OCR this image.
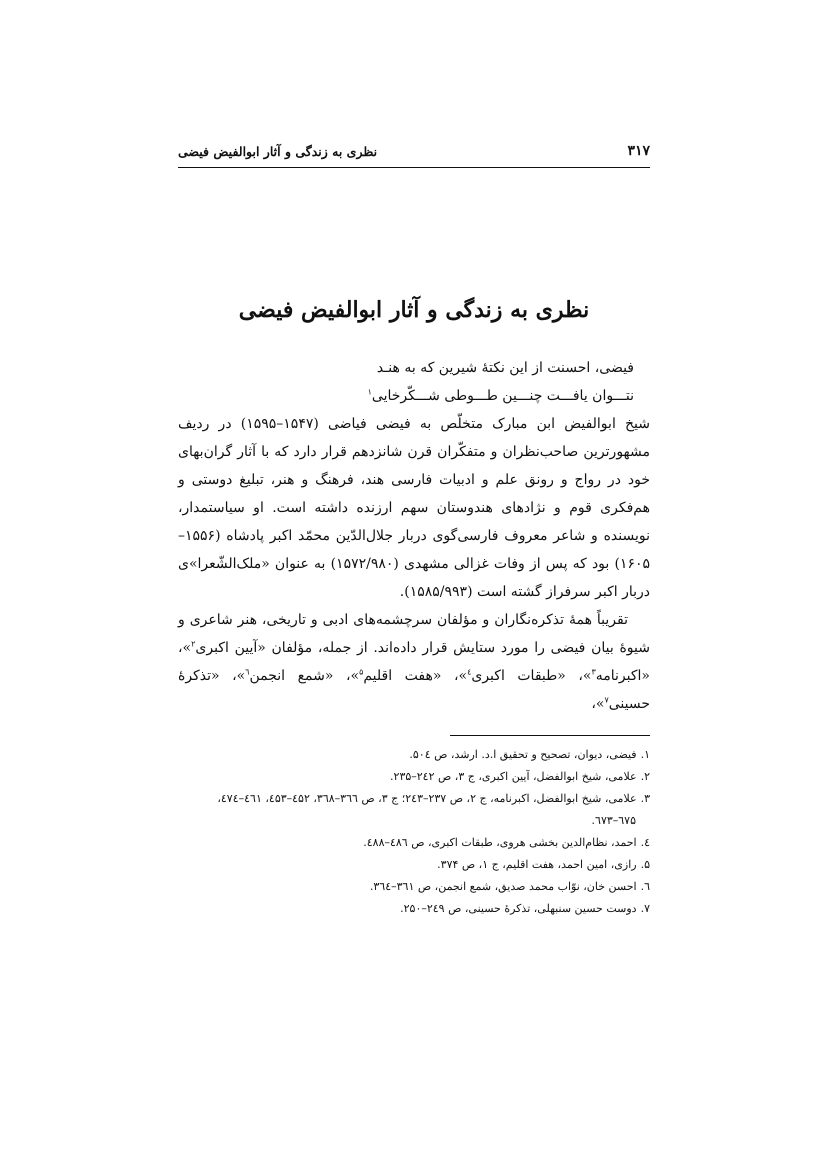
۳۱۷
نظری به زندگی و آثار ابوالفیض فیضی
نظری به زندگی و آثار ابوالفیض فیضی
فیضی، احسنت از این نکتهٔ شیرین که به هنـد
نتـــوان یافـــت چنـــین طـــوطی شـــکّرخایی$^۱$

شیخ ابوالفیض ابن مبارک متخلّص به فیضی فیاضی (۱۵۴۷–۱۵۹۵) در ردیف مشهورترین صاحب‌نظران و متفکّران قرن شانزدهم قرار دارد که با آثار گران‌بهای خود در رواج و رونق علم و ادبیات فارسی هند، فرهنگ و هنر، تبلیغ دوستی و هم‌فکری قوم و نژادهای هندوستان سهم ارزنده داشته است. او سیاستمدار، نویسنده و شاعر معروف فارسی‌گوی دربار جلال‌الدّین محمّد اکبر پادشاه (۱۵۵۶–۱۶۰۵) بود که پس از وفات غزالی مشهدی (۱۵۷۲/۹۸۰) به عنوان «ملک‌الشّعرا»ی دربار اکبر سرفراز گشته است (۱۵۸۵/۹۹۳).

تقریباً همهٔ تذکره‌نگاران و مؤلفان سرچشمه‌های ادبی و تاریخی، هنر شاعری و شیوهٔ بیان فیضی را مورد ستایش قرار داده‌اند. از جمله، مؤلفان «آیین اکبری$^۲$»، «اکبرنامه$^۳$»، «طبقات اکبری$^٤$»، «هفت اقلیم$^۵$»، «شمع انجمن$^٦$»، «تذکرهٔ حسینی$^۷$»،

۱.فیضی، دیوان، تصحیح و تحقیق ا.د. ارشد، ص ۵۰٤.
۲.علامی، شیخ ابوالفضل، آیین اکبری، ج ۳، ص ۲٤۲–۲۳۵.
۳.علامی، شیخ ابوالفضل، اکبرنامه، ج ۲، ص ۲۳۷–۲٤۳؛ ج ۳، ص ۳٦٦–۳٦۸، ٤۵۲–٤۵۳، ٤٦۱–٤۷٤،
٦۷۵–٦۷۳.
٤.احمد، نظام‌الدین بخشی هروی، طبقات اکبری، ص ٤۸٦–٤۸۸.
۵.رازی، امین احمد، هفت اقلیم، ج ۱، ص ۳۷۴.
٦.احسن خان، نوّاب محمد صدیق، شمع انجمن، ص ۳٦۱–۳٦٤.
۷.دوست حسین سنبهلی، تذکرهٔ حسینی، ص ۲٤۹–۲۵۰.
